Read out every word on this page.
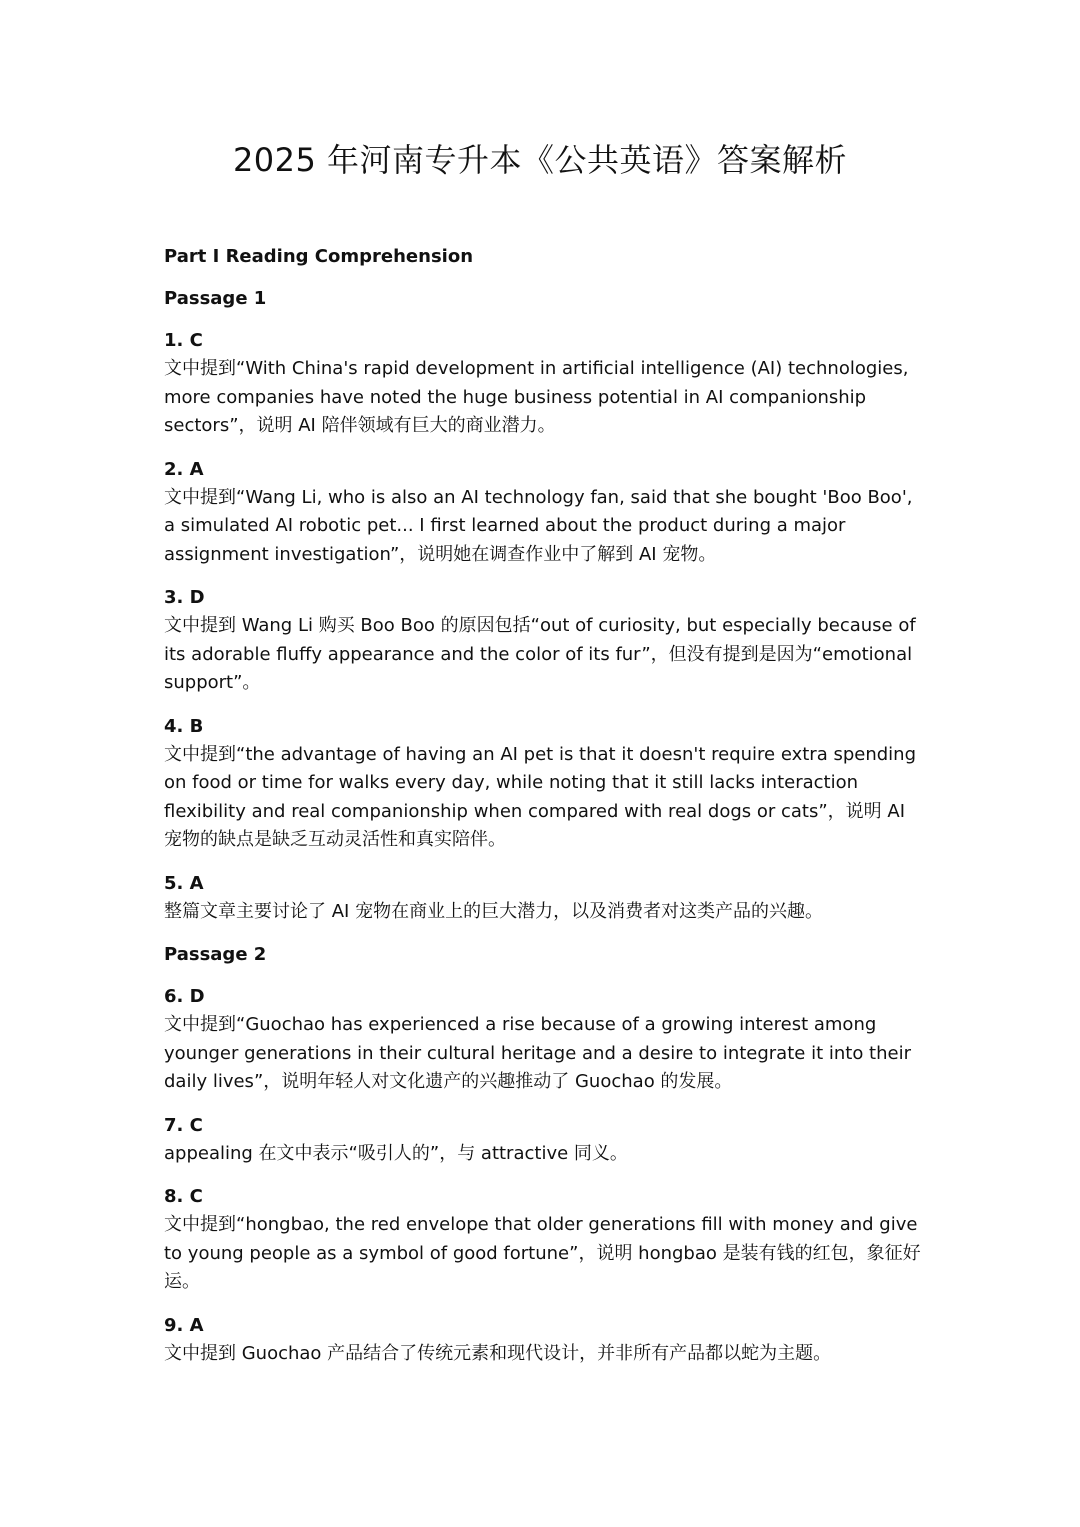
2025 年河南专升本《公共英语》答案解析
Part I Reading Comprehension
Passage 1
1. C
文中提到“With China's rapid development in artificial intelligence (AI) technologies, more companies have noted the huge business potential in AI companionship sectors”，说明 AI 陪伴领域有巨大的商业潜力。
2. A
文中提到“Wang Li, who is also an AI technology fan, said that she bought 'Boo Boo', a simulated AI robotic pet... I first learned about the product during a major assignment investigation”，说明她在调查作业中了解到 AI 宠物。
3. D
文中提到 Wang Li 购买 Boo Boo 的原因包括“out of curiosity, but especially because of its adorable fluffy appearance and the color of its fur”，但没有提到是因为“emotional support”。
4. B
文中提到“the advantage of having an AI pet is that it doesn't require extra spending on food or time for walks every day, while noting that it still lacks interaction flexibility and real companionship when compared with real dogs or cats”，说明 AI 宠物的缺点是缺乏互动灵活性和真实陪伴。
5. A
整篇文章主要讨论了 AI 宠物在商业上的巨大潜力，以及消费者对这类产品的兴趣。
Passage 2
6. D
文中提到“Guochao has experienced a rise because of a growing interest among younger generations in their cultural heritage and a desire to integrate it into their daily lives”，说明年轻人对文化遗产的兴趣推动了 Guochao 的发展。
7. C
appealing 在文中表示“吸引人的”，与 attractive 同义。
8. C
文中提到“hongbao, the red envelope that older generations fill with money and give to young people as a symbol of good fortune”，说明 hongbao 是装有钱的红包，象征好运。
9. A
文中提到 Guochao 产品结合了传统元素和现代设计，并非所有产品都以蛇为主题。
